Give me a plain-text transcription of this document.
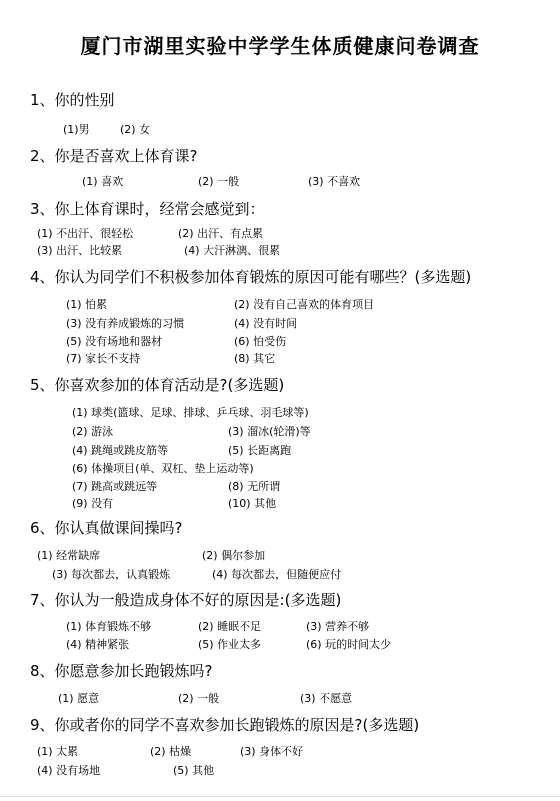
厦门市湖里实验中学学生体质健康问卷调查
1、你的性别
(1)男	(2) 女
2、你是否喜欢上体育课?
(1) 喜欢	(2) 一般	(3) 不喜欢
3、你上体育课时，经常会感觉到：
(1) 不出汗、很轻松	(2) 出汗、有点累
(3) 出汗、比较累	(4) 大汗淋漓、很累
4、你认为同学们不积极参加体育锻炼的原因可能有哪些？(多选题)
(1) 怕累	(2) 没有自己喜欢的体育项目
(3) 没有养成锻炼的习惯	(4) 没有时间
(5) 没有场地和器材	(6) 怕受伤
(7) 家长不支持	(8) 其它
5、你喜欢参加的体育活动是?(多选题)
(1) 球类(篮球、足球、排球、乒乓球、羽毛球等)
(2) 游泳	(3) 溜冰(轮滑)等
(4) 跳绳或跳皮筋等	(5) 长距离跑
(6) 体操项目(单、双杠、垫上运动等)
(7) 跳高或跳远等	(8) 无所谓
(9) 没有	(10) 其他
6、你认真做课间操吗?
(1) 经常缺席	(2) 偶尔参加
(3) 每次都去，认真锻炼	(4) 每次都去，但随便应付
7、你认为一般造成身体不好的原因是:(多选题)
(1) 体育锻炼不够	(2) 睡眠不足	(3) 营养不够
(4) 精神紧张	(5) 作业太多	(6) 玩的时间太少
8、你愿意参加长跑锻炼吗?
(1) 愿意	(2) 一般	(3) 不愿意
9、你或者你的同学不喜欢参加长跑锻炼的原因是?(多选题)
(1) 太累	(2) 枯燥	(3) 身体不好
(4) 没有场地	(5) 其他
